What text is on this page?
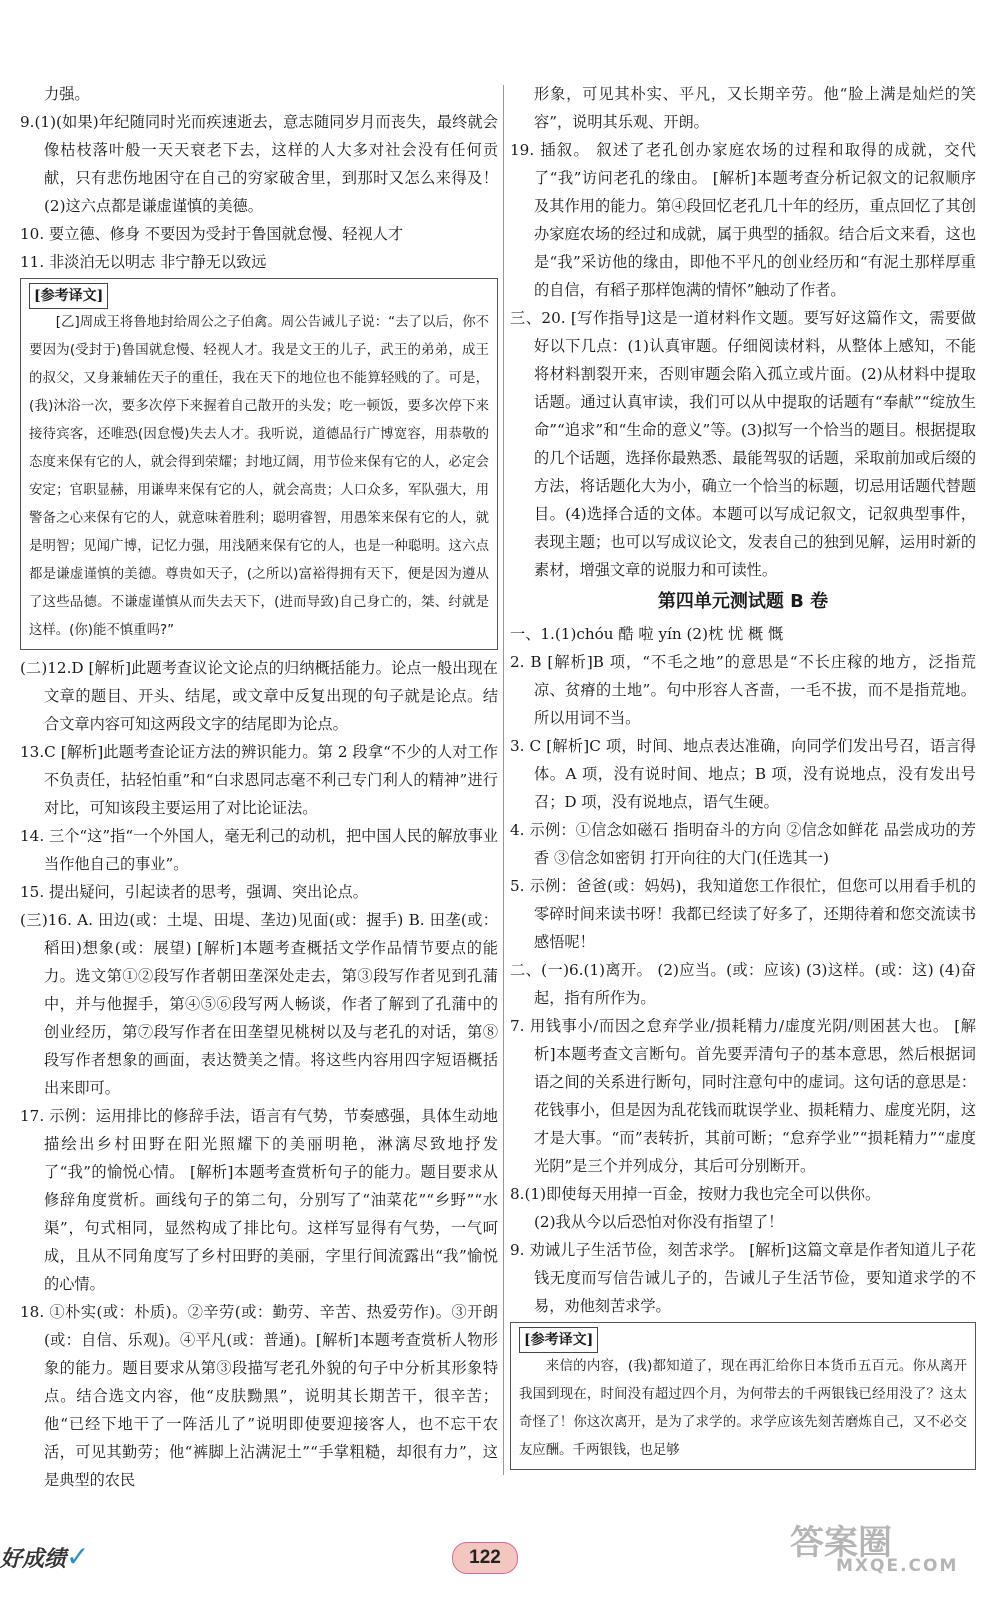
力强。

9.(1)(如果)年纪随同时光而疾速逝去，意志随同岁月而丧失，最终就会像枯枝落叶般一天天衰老下去，这样的人大多对社会没有任何贡献，只有悲伤地困守在自己的穷家破舍里，到那时又怎么来得及！ (2)这六点都是谦虚谨慎的美德。

10. 要立德、修身 不要因为受封于鲁国就怠慢、轻视人才

11. 非淡泊无以明志 非宁静无以致远

[参考译文]

[乙]周成王将鲁地封给周公之子伯禽。周公告诫儿子说：“去了以后，你不要因为(受封于)鲁国就怠慢、轻视人才。我是文王的儿子，武王的弟弟，成王的叔父，又身兼辅佐天子的重任，我在天下的地位也不能算轻贱的了。可是，(我)沐浴一次，要多次停下来握着自己散开的头发；吃一顿饭，要多次停下来接待宾客，还唯恐(因怠慢)失去人才。我听说，道德品行广博宽容，用恭敬的态度来保有它的人，就会得到荣耀；封地辽阔，用节俭来保有它的人，必定会安定；官职显赫，用谦卑来保有它的人，就会高贵；人口众多，军队强大，用警备之心来保有它的人，就意味着胜利；聪明睿智，用愚笨来保有它的人，就是明智；见闻广博，记忆力强，用浅陋来保有它的人，也是一种聪明。这六点都是谦虚谨慎的美德。尊贵如天子，(之所以)富裕得拥有天下，便是因为遵从了这些品德。不谦虚谨慎从而失去天下，(进而导致)自己身亡的，桀、纣就是这样。(你)能不慎重吗?”

(二)12.D [解析]此题考查议论文论点的归纳概括能力。论点一般出现在文章的题目、开头、结尾，或文章中反复出现的句子就是论点。结合文章内容可知这两段文字的结尾即为论点。

13.C [解析]此题考查论证方法的辨识能力。第 2 段拿“不少的人对工作不负责任，拈轻怕重”和“白求恩同志毫不利己专门利人的精神”进行对比，可知该段主要运用了对比论证法。

14. 三个“这”指“一个外国人，毫无利己的动机，把中国人民的解放事业当作他自己的事业”。

15. 提出疑问，引起读者的思考，强调、突出论点。

(三)16. A. 田边(或：土堤、田堤、垄边)见面(或：握手) B. 田垄(或：稻田)想象(或：展望) [解析]本题考查概括文学作品情节要点的能力。选文第①②段写作者朝田垄深处走去，第③段写作者见到孔蒲中，并与他握手，第④⑤⑥段写两人畅谈，作者了解到了孔蒲中的创业经历，第⑦段写作者在田垄望见桃树以及与老孔的对话，第⑧段写作者想象的画面，表达赞美之情。将这些内容用四字短语概括出来即可。

17. 示例：运用排比的修辞手法，语言有气势，节奏感强，具体生动地描绘出乡村田野在阳光照耀下的美丽明艳，淋漓尽致地抒发了“我”的愉悦心情。 [解析]本题考查赏析句子的能力。题目要求从修辞角度赏析。画线句子的第二句，分别写了“油菜花”“乡野”“水渠”，句式相同，显然构成了排比句。这样写显得有气势，一气呵成，且从不同角度写了乡村田野的美丽，字里行间流露出“我”愉悦的心情。

18. ①朴实(或：朴质)。②辛劳(或：勤劳、辛苦、热爱劳作)。③开朗(或：自信、乐观)。④平凡(或：普通)。[解析]本题考查赏析人物形象的能力。题目要求从第③段描写老孔外貌的句子中分析其形象特点。结合选文内容，他“皮肤黝黑”，说明其长期苦干，很辛苦；他“已经下地干了一阵活儿了”说明即使要迎接客人，也不忘干农活，可见其勤劳；他“裤脚上沾满泥土”“手掌粗糙，却很有力”，这是典型的农民

形象，可见其朴实、平凡，又长期辛劳。他“脸上满是灿烂的笑容”，说明其乐观、开朗。

19. 插叙。 叙述了老孔创办家庭农场的过程和取得的成就，交代了“我”访问老孔的缘由。 [解析]本题考查分析记叙文的记叙顺序及其作用的能力。第④段回忆老孔几十年的经历，重点回忆了其创办家庭农场的经过和成就，属于典型的插叙。结合后文来看，这也是“我”采访他的缘由，即他不平凡的创业经历和“有泥土那样厚重的自信，有稻子那样饱满的情怀”触动了作者。

三、20. [写作指导]这是一道材料作文题。要写好这篇作文，需要做好以下几点：(1)认真审题。仔细阅读材料，从整体上感知，不能将材料割裂开来，否则审题会陷入孤立或片面。(2)从材料中提取话题。通过认真审读，我们可以从中提取的话题有“奉献”“绽放生命”“追求”和“生命的意义”等。(3)拟写一个恰当的题目。根据提取的几个话题，选择你最熟悉、最能驾驭的话题，采取前加或后缀的方法，将话题化大为小，确立一个恰当的标题，切忌用话题代替题目。(4)选择合适的文体。本题可以写成记叙文，记叙典型事件，表现主题；也可以写成议论文，发表自己的独到见解，运用时新的素材，增强文章的说服力和可读性。

第四单元测试题 B 卷

一、1.(1)chóu 酷 啦 yín (2)枕 忧 概 慨

2. B [解析]B 项，“不毛之地”的意思是“不长庄稼的地方，泛指荒凉、贫瘠的土地”。句中形容人吝啬，一毛不拔，而不是指荒地。所以用词不当。

3. C [解析]C 项，时间、地点表达准确，向同学们发出号召，语言得体。A 项，没有说时间、地点；B 项，没有说地点，没有发出号召；D 项，没有说地点，语气生硬。

4. 示例：①信念如磁石 指明奋斗的方向 ②信念如鲜花 品尝成功的芳香 ③信念如密钥 打开向往的大门(任选其一)

5. 示例：爸爸(或：妈妈)，我知道您工作很忙，但您可以用看手机的零碎时间来读书呀！我都已经读了好多了，还期待着和您交流读书感悟呢！

二、(一)6.(1)离开。 (2)应当。(或：应该) (3)这样。(或：这) (4)奋起，指有所作为。

7. 用钱事小/而因之怠弃学业/损耗精力/虚度光阴/则困甚大也。 [解析]本题考查文言断句。首先要弄清句子的基本意思，然后根据词语之间的关系进行断句，同时注意句中的虚词。这句话的意思是：花钱事小，但是因为乱花钱而耽误学业、损耗精力、虚度光阴，这才是大事。“而”表转折，其前可断；“怠弃学业”“损耗精力”“虚度光阴”是三个并列成分，其后可分别断开。

8.(1)即使每天用掉一百金，按财力我也完全可以供你。

(2)我从今以后恐怕对你没有指望了！

9. 劝诫儿子生活节俭，刻苦求学。 [解析]这篇文章是作者知道儿子花钱无度而写信告诫儿子的，告诫儿子生活节俭，要知道求学的不易，劝他刻苦求学。

[参考译文]

来信的内容，(我)都知道了，现在再汇给你日本货币五百元。你从离开我国到现在，时间没有超过四个月，为何带去的千两银钱已经用没了？这太奇怪了！你这次离开，是为了求学的。求学应该先刻苦磨炼自己，又不必交友应酬。千两银钱，也足够

好成绩✓	122	答案圈
MXQE.COM
